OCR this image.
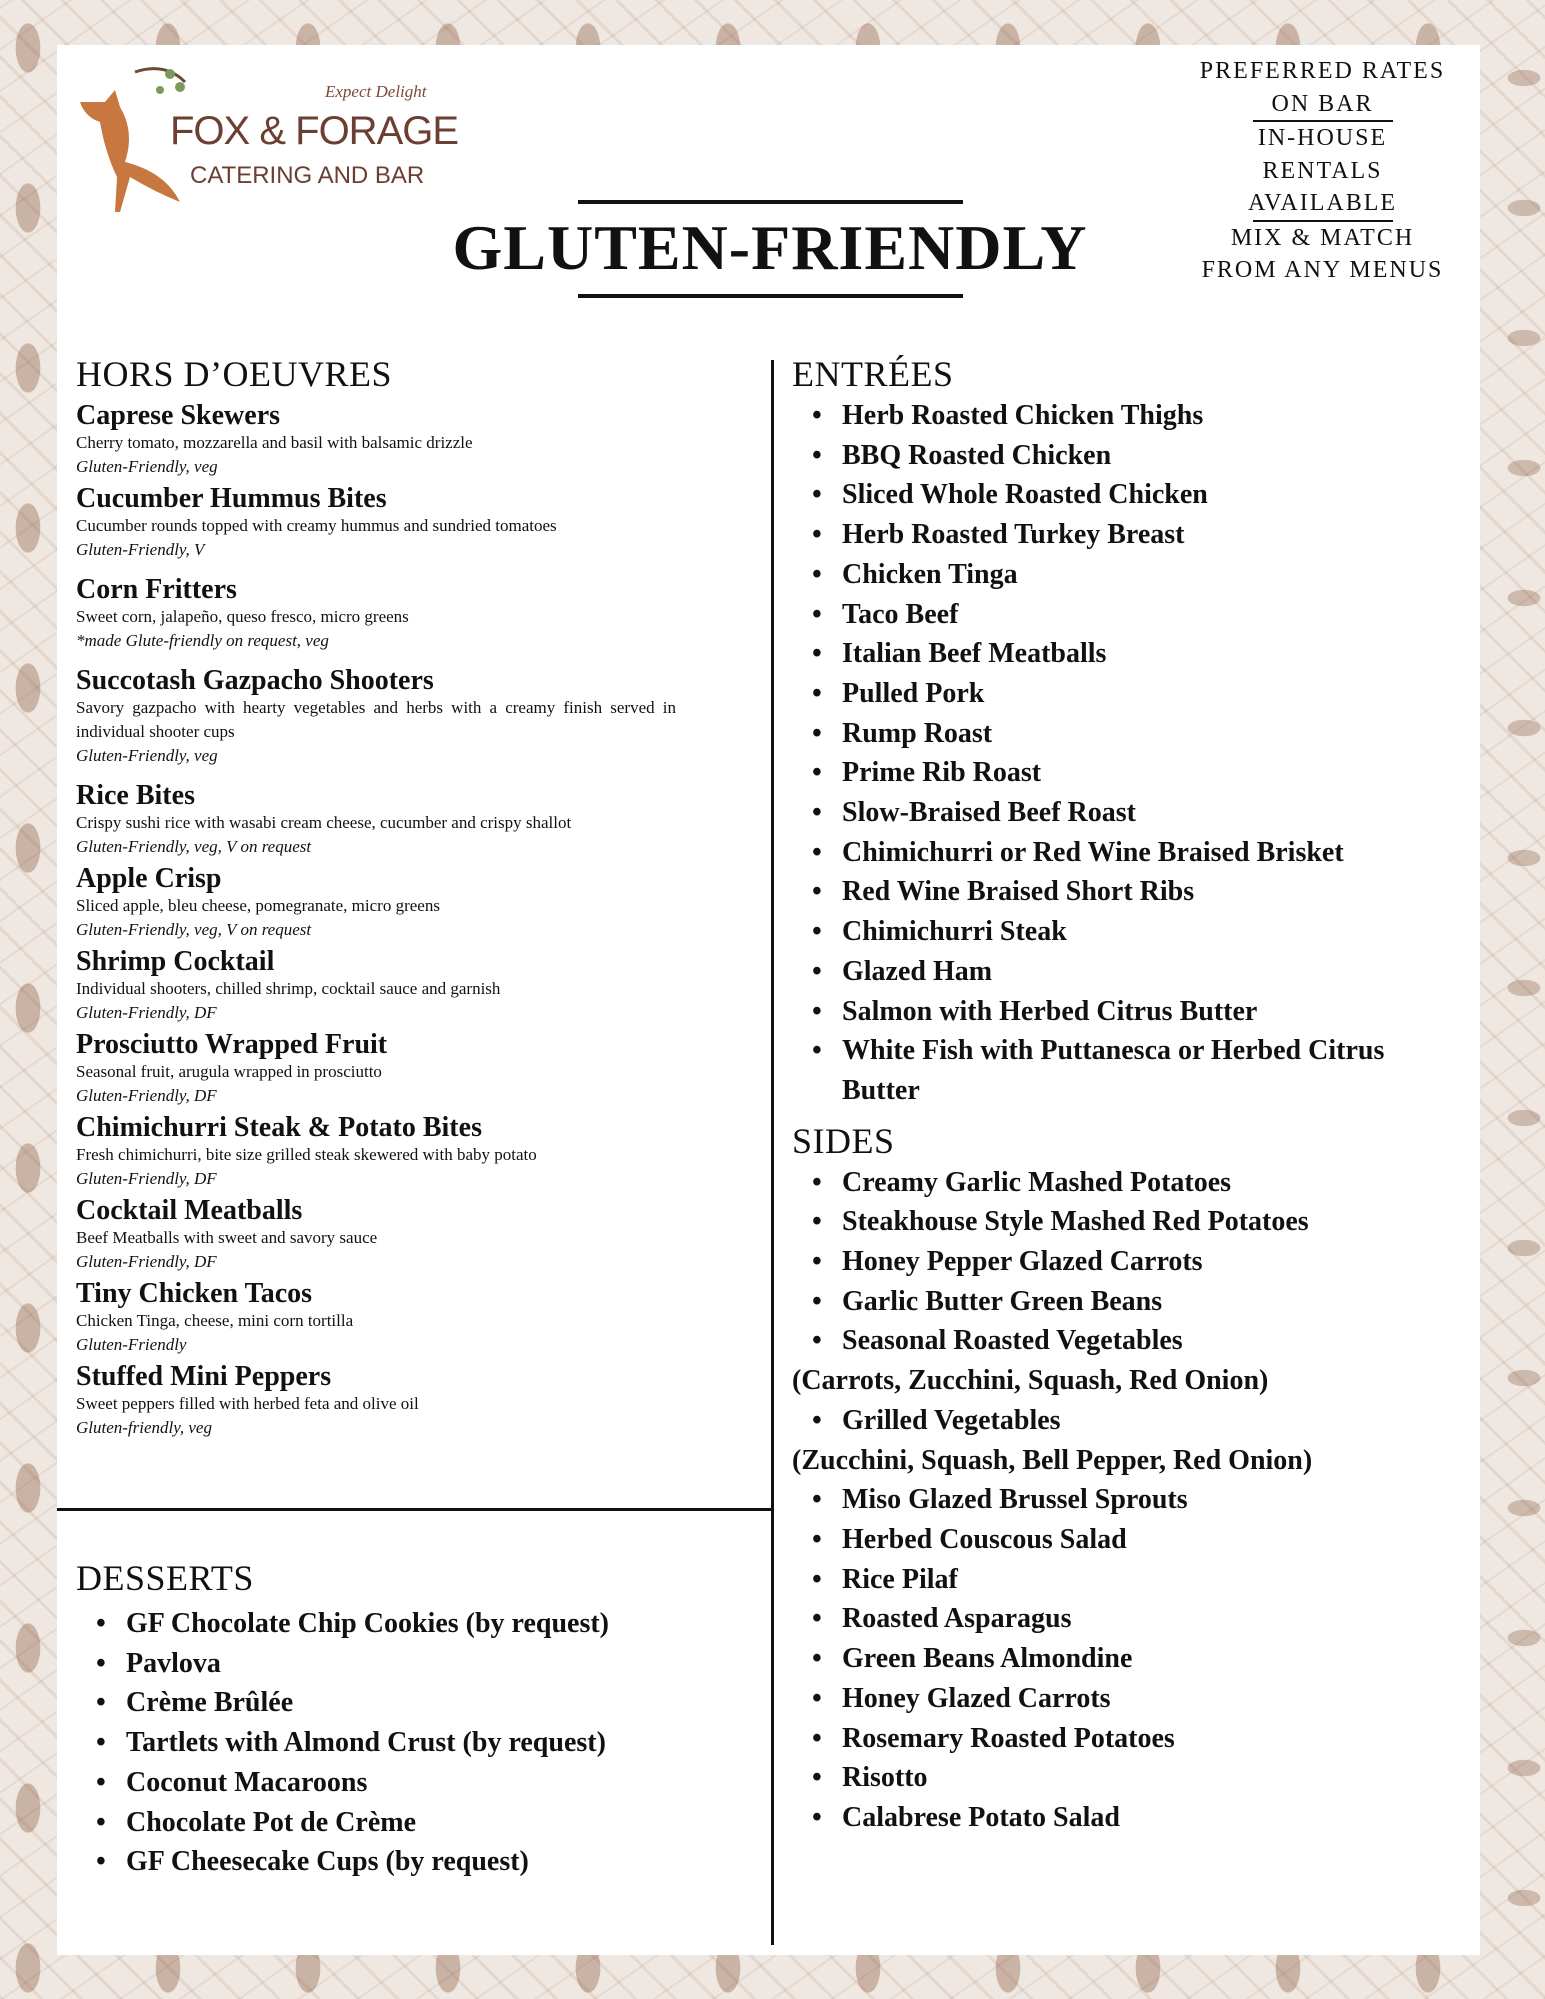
Expect Delight
FOX & FORAGE
CATERING AND BAR
GLUTEN-FRIENDLY
PREFERRED RATES
ON BAR
IN-HOUSE
RENTALS
AVAILABLE
MIX & MATCH
FROM ANY MENUS
HORS D’OEUVRES
Caprese Skewers
Cherry tomato, mozzarella and basil with balsamic drizzle
Gluten-Friendly, veg
Cucumber Hummus Bites
Cucumber rounds topped with creamy hummus and sundried tomatoes
Gluten-Friendly, V
Corn Fritters
Sweet corn, jalapeño, queso fresco, micro greens
*made Glute-friendly on request, veg
Succotash Gazpacho Shooters
Savory gazpacho with hearty vegetables and herbs with a creamy finish served in individual shooter cups
Gluten-Friendly, veg
Rice Bites
Crispy sushi rice with wasabi cream cheese, cucumber and crispy shallot
Gluten-Friendly, veg, V on request
Apple Crisp
Sliced apple, bleu cheese, pomegranate, micro greens
Gluten-Friendly, veg, V on request
Shrimp Cocktail
Individual shooters, chilled shrimp, cocktail sauce and garnish
Gluten-Friendly, DF
Prosciutto Wrapped Fruit
Seasonal fruit, arugula wrapped in prosciutto
Gluten-Friendly, DF
Chimichurri Steak & Potato Bites
Fresh chimichurri, bite size grilled steak skewered with baby potato
Gluten-Friendly, DF
Cocktail Meatballs
Beef Meatballs with sweet and savory sauce
Gluten-Friendly, DF
Tiny Chicken Tacos
Chicken Tinga, cheese, mini corn tortilla
Gluten-Friendly
Stuffed Mini Peppers
Sweet peppers filled with herbed feta and olive oil
Gluten-friendly, veg
DESSERTS
• GF Chocolate Chip Cookies (by request)
• Pavlova
• Crème Brûlée
• Tartlets with Almond Crust (by request)
• Coconut Macaroons
• Chocolate Pot de Crème
• GF Cheesecake Cups (by request)
ENTRÉES
• Herb Roasted Chicken Thighs
• BBQ Roasted Chicken
• Sliced Whole Roasted Chicken
• Herb Roasted Turkey Breast
• Chicken Tinga
• Taco Beef
• Italian Beef Meatballs
• Pulled Pork
• Rump Roast
• Prime Rib Roast
• Slow-Braised Beef Roast
• Chimichurri or Red Wine Braised Brisket
• Red Wine Braised Short Ribs
• Chimichurri Steak
• Glazed Ham
• Salmon with Herbed Citrus Butter
• White Fish with Puttanesca or Herbed Citrus Butter
SIDES
• Creamy Garlic Mashed Potatoes
• Steakhouse Style Mashed Red Potatoes
• Honey Pepper Glazed Carrots
• Garlic Butter Green Beans
• Seasonal Roasted Vegetables
(Carrots, Zucchini, Squash, Red Onion)
• Grilled Vegetables
(Zucchini, Squash, Bell Pepper, Red Onion)
• Miso Glazed Brussel Sprouts
• Herbed Couscous Salad
• Rice Pilaf
• Roasted Asparagus
• Green Beans Almondine
• Honey Glazed Carrots
• Rosemary Roasted Potatoes
• Risotto
• Calabrese Potato Salad
